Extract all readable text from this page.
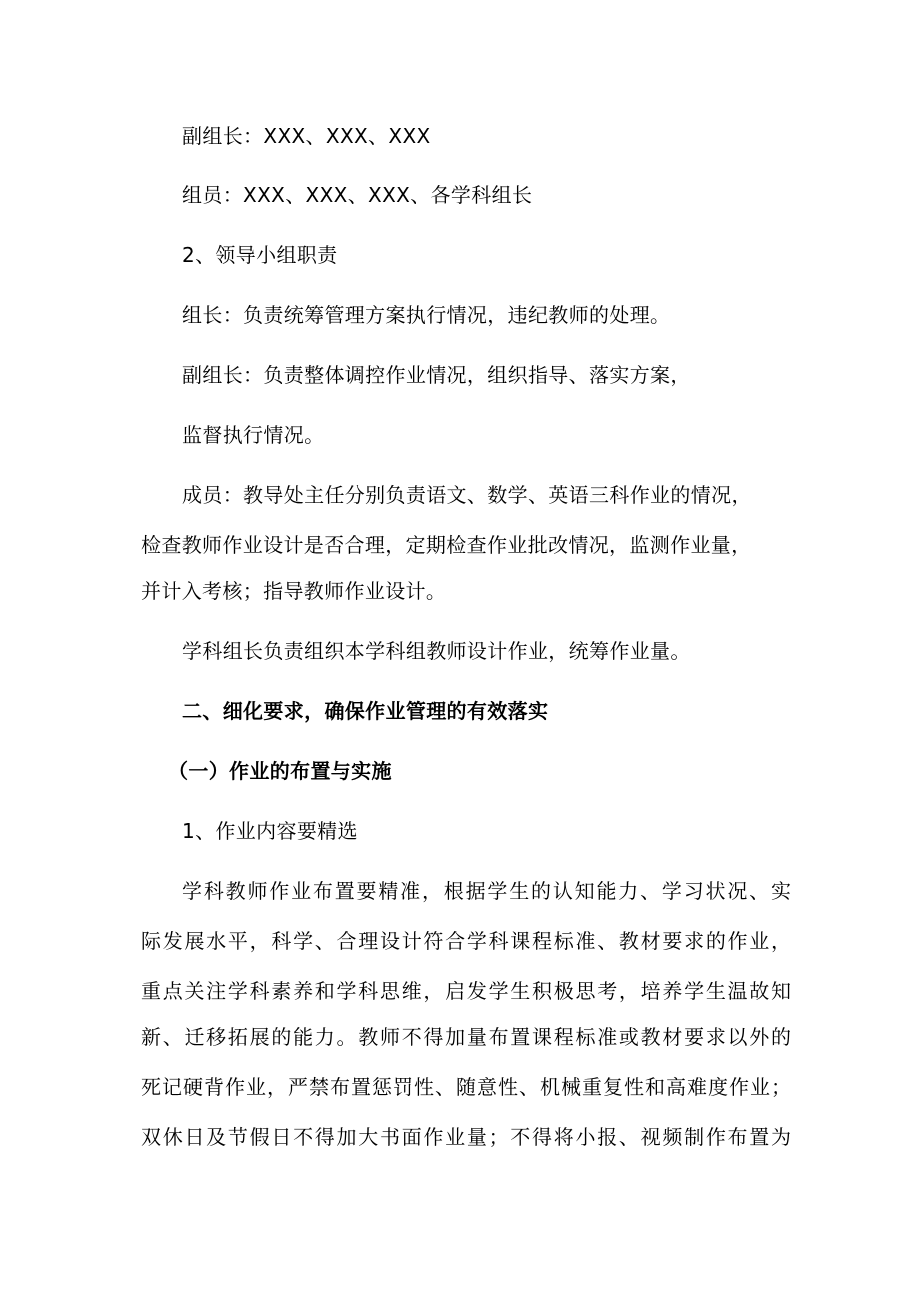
副组长：XXX、XXX、XXX
组员：XXX、XXX、XXX、各学科组长
2、领导小组职责
组长：负责统筹管理方案执行情况，违纪教师的处理。
副组长：负责整体调控作业情况，组织指导、落实方案，
监督执行情况。
成员：教导处主任分别负责语文、数学、英语三科作业的情况，
检查教师作业设计是否合理，定期检查作业批改情况，监测作业量，
并计入考核；指导教师作业设计。
学科组长负责组织本学科组教师设计作业，统筹作业量。
二、细化要求，确保作业管理的有效落实
（一）作业的布置与实施
1、作业内容要精选
学科教师作业布置要精准，根据学生的认知能力、学习状况、实
际发展水平，科学、合理设计符合学科课程标准、教材要求的作业，
重点关注学科素养和学科思维，启发学生积极思考，培养学生温故知
新、迁移拓展的能力。教师不得加量布置课程标准或教材要求以外的
死记硬背作业，严禁布置惩罚性、随意性、机械重复性和高难度作业；
双休日及节假日不得加大书面作业量；不得将小报、视频制作布置为
